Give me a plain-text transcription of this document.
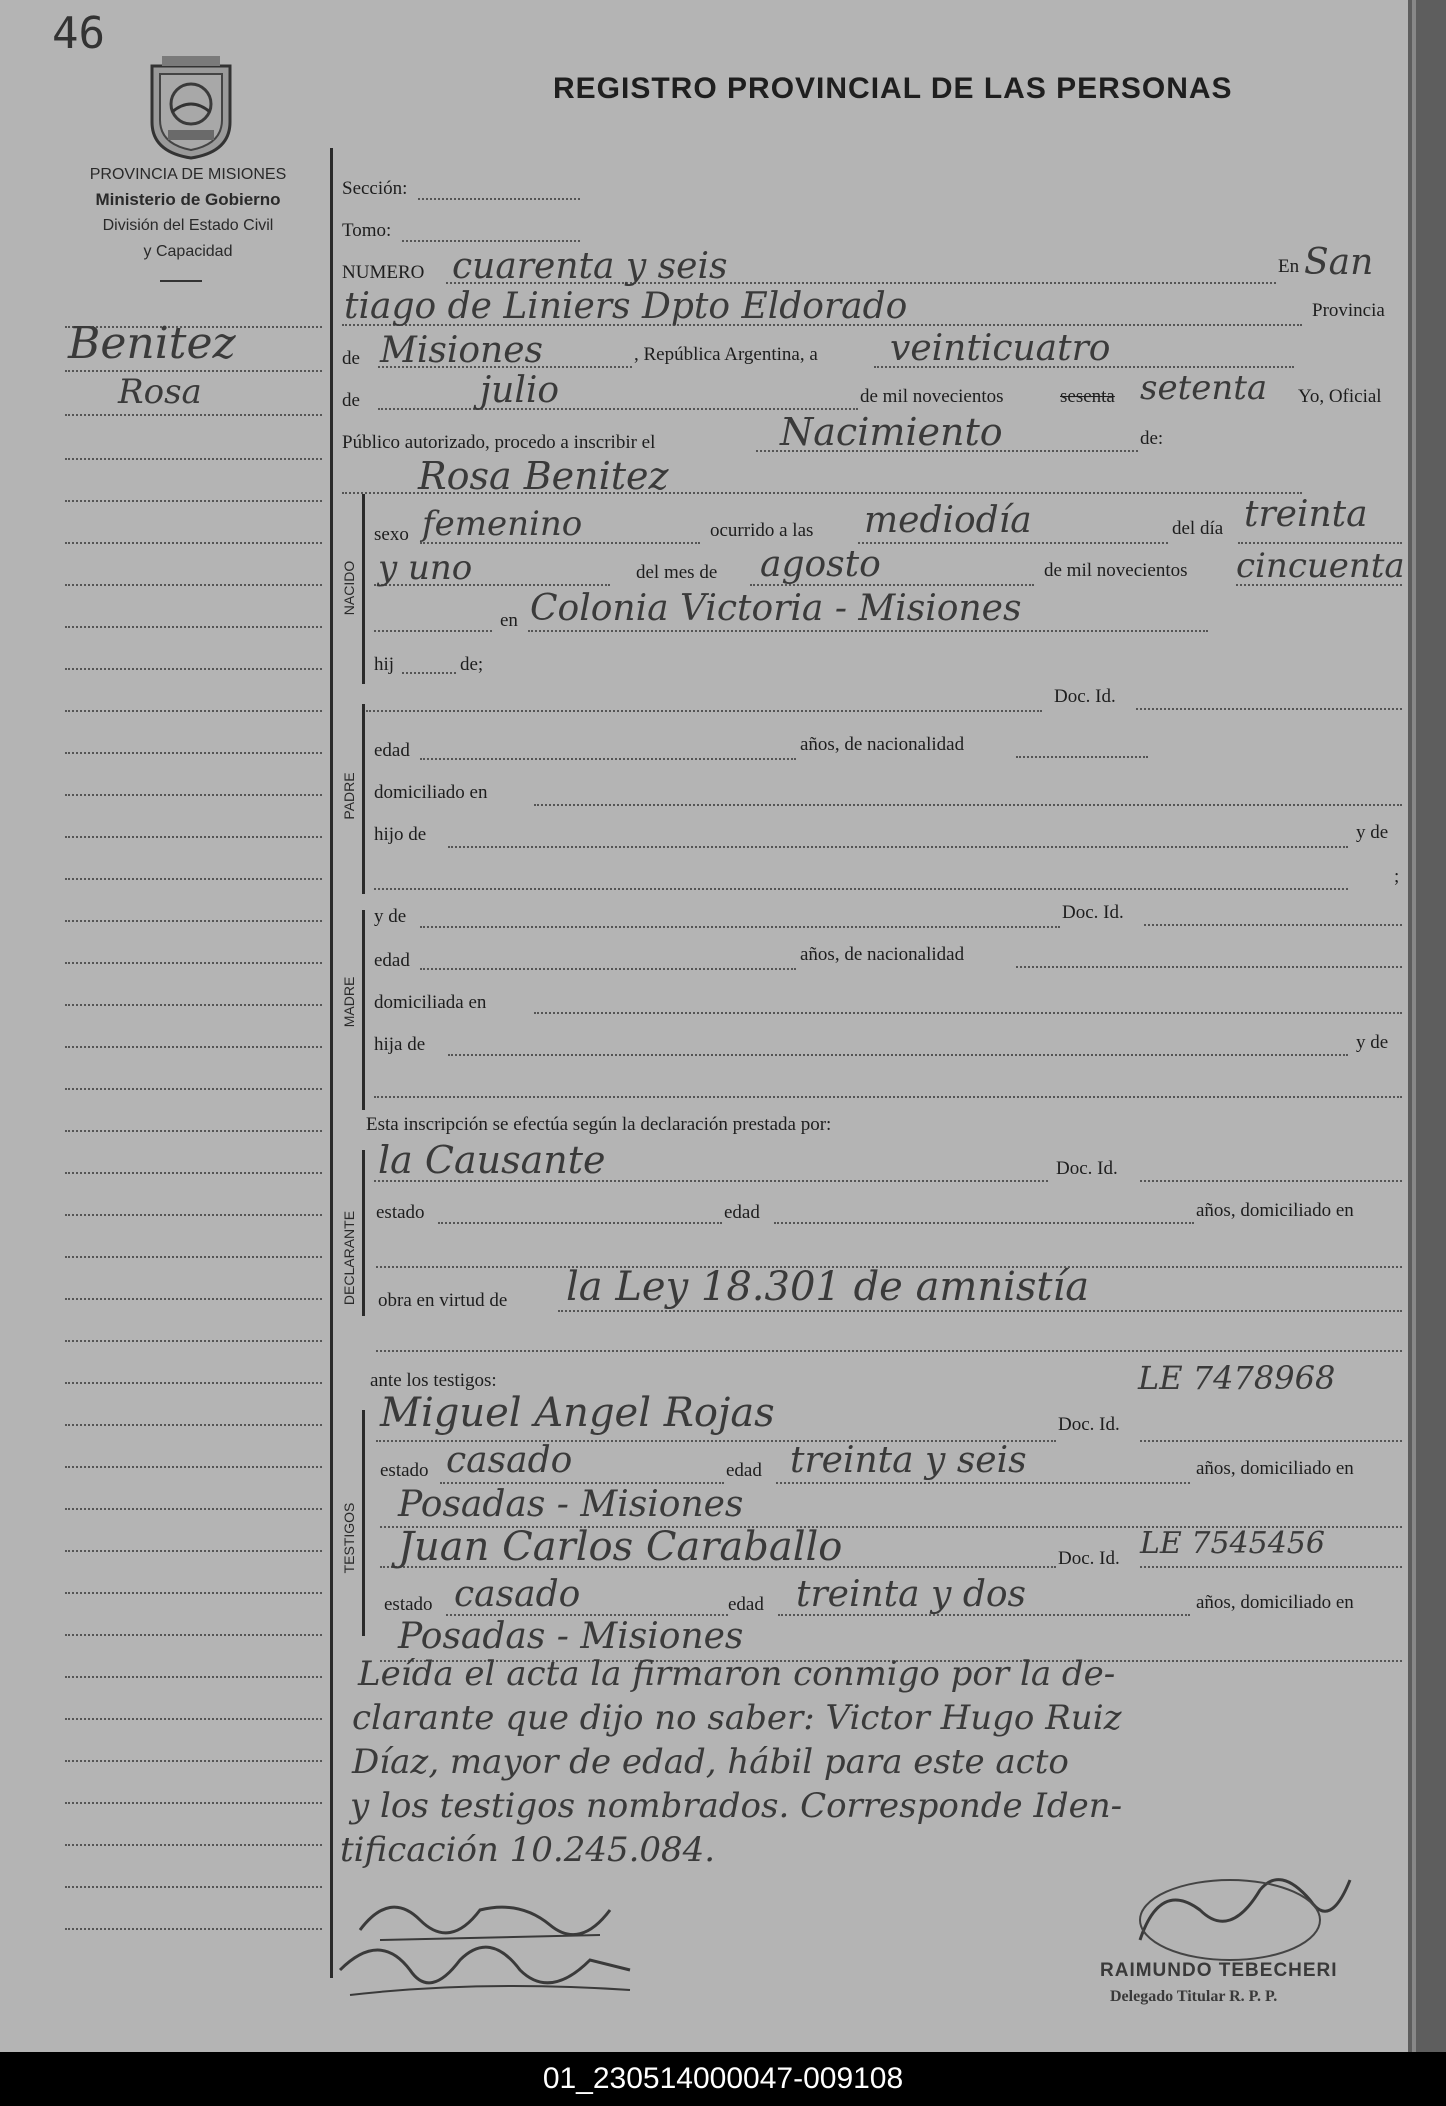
46
PROVINCIA DE MISIONES
Ministerio de Gobierno
División del Estado Civil
y Capacidad
REGISTRO PROVINCIAL DE LAS PERSONAS
Benitez
Rosa
Sección:
Tomo:
NUMERO cuarenta y seis	En San
tiago de Liniers Dpto Eldorado	Provincia
de Misiones	, República Argentina, a veinticuatro
de	julio	de mil novecientos	sesenta setenta Yo, Oficial
Público autorizado, procedo a inscribir el	Nacimiento	de:
Rosa Benitez
NACIDO
sexo femenino	ocurrido a las mediodía	del día treinta
y uno	del mes de agosto	de mil novecientos cincuenta
en Colonia Victoria - Misiones
hij	de;
Doc. Id.
PADRE
edad	años, de nacionalidad
domiciliado en
hijo de	y de
;
MADRE
y de	Doc. Id.
edad	años, de nacionalidad
domiciliada en
hija de	y de
Esta inscripción se efectúa según la declaración prestada por:
DECLARANTE
la Causante	Doc. Id.
estado	edad	años, domiciliado en
obra en virtud de la Ley 18.301 de amnistía
ante los testigos:
TESTIGOS
Miguel Angel Rojas	Doc. Id.
LE 7478968
estado casado	edad treinta y seis	años, domiciliado en
Posadas - Misiones
Juan Carlos Caraballo	Doc. Id. LE 7545456
estado casado	edad treinta y dos	años, domiciliado en
Posadas - Misiones
Leída el acta la firmaron conmigo por la de-
clarante que dijo no saber: Victor Hugo Ruiz
Díaz, mayor de edad, hábil para este acto
y los testigos nombrados. Corresponde Iden-
tificación 10.245.084.
RAIMUNDO TEBECHERI
Delegado Titular R. P. P.
01_230514000047-009108
